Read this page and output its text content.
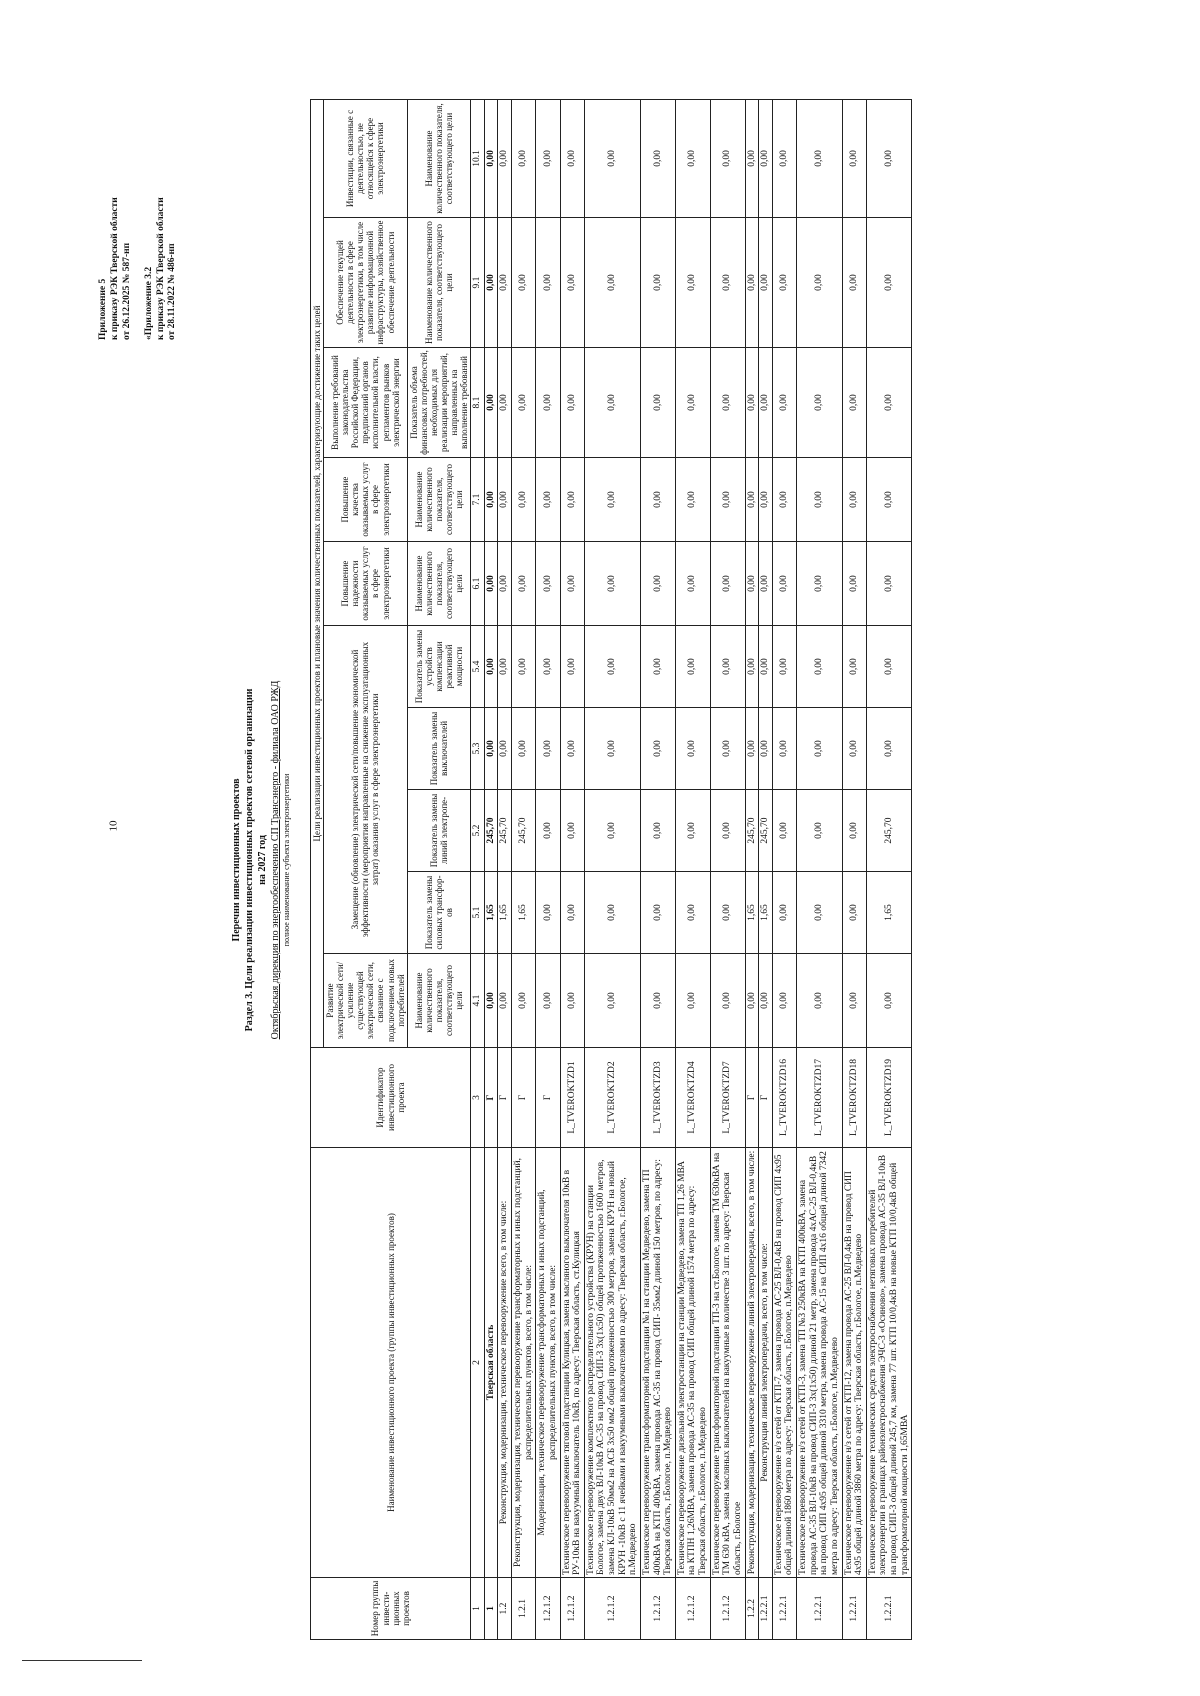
10
Приложение 5 к приказу РЭК Тверской области от 26.12.2025 № 587-нп «Приложение 3.2 к приказу РЭК Тверской области от 28.11.2022 № 486-нп
Перечни инвестиционных проектов Раздел 3. Цели реализации инвестиционных проектов сетевой организации на 2027 год Октябрьская дирекция по энергообеспечению СП Трансэнерго - филиала ОАО РЖД полное наименование субъекта электроэнергетики
Номер группы инвести-ционных проектов	Наименование инвестиционного проекта (группы инвестиционных проектов)	Идентификатор инвестиционного проекта	Цели реализации инвестиционных проектов и плановые значения количественных показателей, характеризующие достижение таких целей									
			Развитие электрической сети/усиление существующей электрической сети, связанное с подключением новых потребителей	Замещение (обновление) электрической сети/повышение экономической эффективности (мероприятия направленные на снижение эксплуатационных затрат) оказания услуг в сфере электроэнергетики				Повышение надежности оказываемых услуг в сфере электроэнергетики	Повышение качества оказываемых услуг в сфере электроэнергетики	Выполнение требований законодательства Российской Федерации, предписаний органов исполнительной власти, регламентов рынков электрической энергии	Обеспечение текущей деятельности в сфере электроэнергетики, в том числе развитие информационной инфраструктуры, хозяйственное обеспечение деятельности	Инвестиции, связанные с деятельностью, не относящейся к сфере электроэнергетики
			Наименование количественного показателя, соответствующего цели	Показатель замены силовых трансфор-ов	Показатель замены линий электропе-	Показатель замены выключателей	Показатель замены устройств компенсации реактивной мощности	Наименование количественного показателя, соответствующего цели	Наименование количественного показателя, соответствующего цели	Показатель объема финансовых потребностей, необходимых для реализации мероприятий, направленных на выполнение требований	Наименование количественного показателя, соответствующего цели	Наименование количественного показателя, соответствующего цели
1	2	3	4.1	5.1	5.2	5.3	5.4	6.1	7.1	8.1	9.1	10.1
1	Тверская область	Г	0,00	1,65	245,70	0,00	0,00	0,00	0,00	0,00	0,00	0,00
1.2	Реконструкция, модернизация, техническое перевооружение всего, в том числе:	Г	0,00	1,65	245,70	0,00	0,00	0,00	0,00	0,00	0,00	0,00
1.2.1	Реконструкция, модернизация, техническое перевооружение трансформаторных и иных подстанций, распределительных пунктов, всего, в том числе:	Г	0,00	1,65	245,70	0,00	0,00	0,00	0,00	0,00	0,00	0,00
1.2.1.2	Модернизация, техническое перевооружение трансформаторных и иных подстанций, распределительных пунктов, всего, в том числе:	Г	0,00	0,00	0,00	0,00	0,00	0,00	0,00	0,00	0,00	0,00
1.2.1.2	Техническое перевооружение тяговой подстанции Кулицкая, замена масляного выключателя 10кВ в РУ-10кВ на вакуумный выключатель 10кВ, по адресу: Тверская область, ст.Кулицкая	L_TVEROKTZD1	0,00	0,00	0,00	0,00	0,00	0,00	0,00	0,00	0,00	0,00
1.2.1.2	Техническое перевооружение комплектного распределительного устройства (КРУН) на станции Бологое, замена двух ВЛ-10кВ АС-35 на провод СИП-3 3х(1х50) общей протяженностью 1600 метров, замена КЛ-10кВ 50мм2 на АСБ 3х50 мм2 общей протяженностью 300 метров, замена КРУН на новый КРУН -10кВ с 11 ячейками и вакуумными выключателями по адресу: Тверская область, г.Бологое, п.Медведево	L_TVEROKTZD2	0,00	0,00	0,00	0,00	0,00	0,00	0,00	0,00	0,00	0,00
1.2.1.2	Техническое перевооружение трансформаторной подстанции №1 на станции Медведево, замена ТП 400кВА на КТП 400кВА, замена провода АС-35 на провод СИП- 35мм2 длиной 150 метров, по адресу: Тверская область, г.Бологое, п.Медведево	L_TVEROKTZD3	0,00	0,00	0,00	0,00	0,00	0,00	0,00	0,00	0,00	0,00
1.2.1.2	Техническое перевооружение дизельной электростанции на станции Медведево, замена ТП 1,26 МВА на КТПН 1,26МВА, замена провода АС-35 на провод СИП общей длиной 1574 метра по адресу: Тверская область, г.Бологое, п.Медведево	L_TVEROKTZD4	0,00	0,00	0,00	0,00	0,00	0,00	0,00	0,00	0,00	0,00
1.2.1.2	Техническое перевооружение трансформаторной подстанции ТП-3 на ст.Бологое, замена ТМ 630кВА на ТМ 630 кВА, замена масляных выключателей на вакуумные в количестве 3 шт. по адресу: Тверская область, г.Бологое	L_TVEROKTZD7	0,00	0,00	0,00	0,00	0,00	0,00	0,00	0,00	0,00	0,00
1.2.2	Реконструкция, модернизация, техническое перевооружение линий электропередачи, всего, в том числе:	Г	0,00	1,65	245,70	0,00	0,00	0,00	0,00	0,00	0,00	0,00
1.2.2.1	Реконструкция линий электропередачи, всего, в том числе:	Г	0,00	1,65	245,70	0,00	0,00	0,00	0,00	0,00	0,00	0,00
1.2.2.1	Техническое перевооружение н/з сетей от КТП-7, замена провода АС-25 ВЛ-0,4кВ на провод СИП 4х95 общей длиной 1860 метра по адресу: Тверская область, г.Бологое, п.Медведево	L_TVEROKTZD16	0,00	0,00	0,00	0,00	0,00	0,00	0,00	0,00	0,00	0,00
1.2.2.1	Техническое перевооружение н/з сетей от КТП-3, замена ТП №3 250кВА на КТП 400кВА, замена провода АС-35 ВЛ-10кВ на провод СИП-3 3х(1х50) длиной 21 метр, замена провода 4хАС-25 ВЛ-0,4кВ на провод СИП 4х95 общей длиной 3310 метра, замена провода АС-15 на СИП 4х16 общей длиной 7342 метра по адресу: Тверская область, г.Бологое, п.Медведево	L_TVEROKTZD17	0,00	0,00	0,00	0,00	0,00	0,00	0,00	0,00	0,00	0,00
1.2.2.1	Техническое перевооружение н/з сетей от КТП-12, замена провода АС-25 ВЛ-0,4кВ на провод СИП 4х95 общей длиной 3860 метра по адресу: Тверская область, г.Бологое, п.Медведево	L_TVEROKTZD18	0,00	0,00	0,00	0,00	0,00	0,00	0,00	0,00	0,00	0,00
1.2.2.1	Техническое перевооружение технических средств электроснабжения нетяговых потребителей электроэнергии в границах районэлектроснабжения ЭЧС-3 «Осиново», замена провода АС-35 ВЛ-10кВ на провод СИП-3 общей длиной 245,7 км, замена 77 шт. КТП 10/0,4кВ на новые КТП 10/0,4кВ общей трансформаторной мощности 1,65МВА	L_TVEROKTZD19	0,00	1,65	245,70	0,00	0,00	0,00	0,00	0,00	0,00	0,00
